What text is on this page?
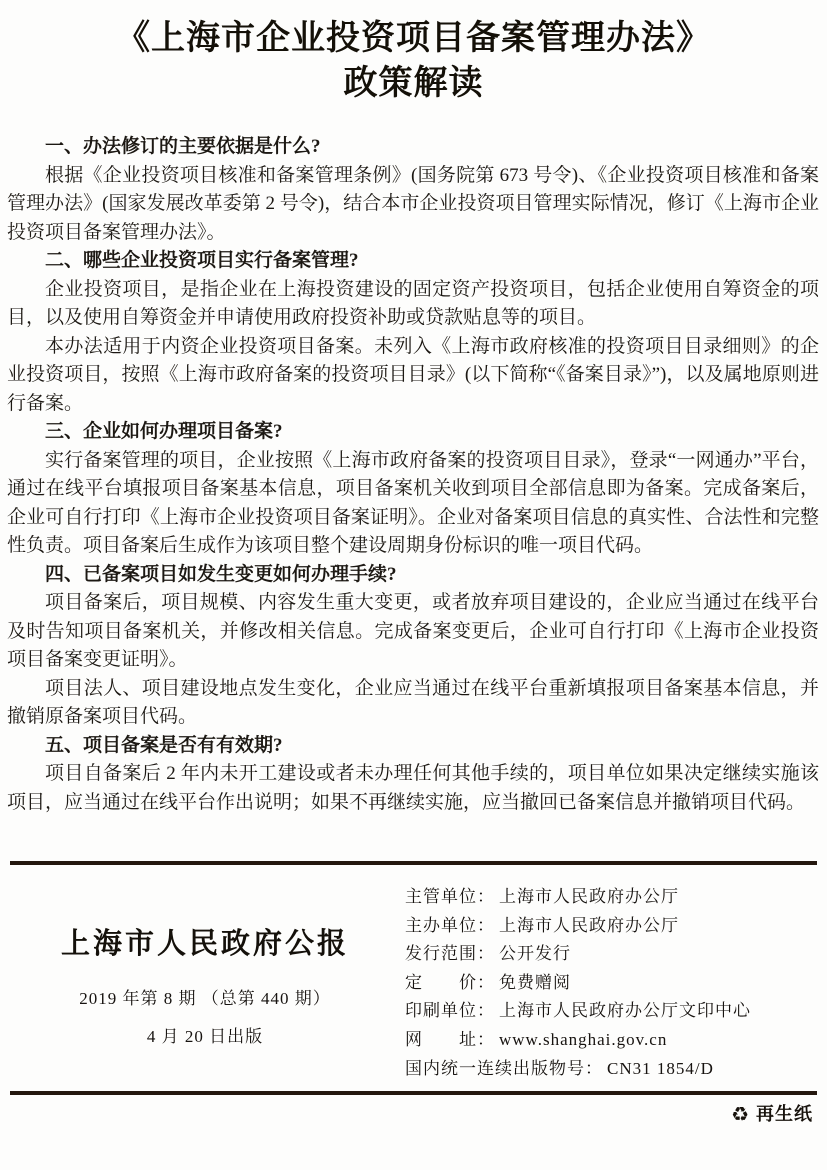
《上海市企业投资项目备案管理办法》
政策解读

一、办法修订的主要依据是什么?

根据《企业投资项目核准和备案管理条例》(国务院第 673 号令)、《企业投资项目核准和备案管理办法》(国家发展改革委第 2 号令)，结合本市企业投资项目管理实际情况，修订《上海市企业投资项目备案管理办法》。

二、哪些企业投资项目实行备案管理?

企业投资项目，是指企业在上海投资建设的固定资产投资项目，包括企业使用自筹资金的项目，以及使用自筹资金并申请使用政府投资补助或贷款贴息等的项目。

本办法适用于内资企业投资项目备案。未列入《上海市政府核准的投资项目目录细则》的企业投资项目，按照《上海市政府备案的投资项目目录》(以下简称“《备案目录》”)，以及属地原则进行备案。

三、企业如何办理项目备案?

实行备案管理的项目，企业按照《上海市政府备案的投资项目目录》，登录“一网通办”平台，通过在线平台填报项目备案基本信息，项目备案机关收到项目全部信息即为备案。完成备案后，企业可自行打印《上海市企业投资项目备案证明》。企业对备案项目信息的真实性、合法性和完整性负责。项目备案后生成作为该项目整个建设周期身份标识的唯一项目代码。

四、已备案项目如发生变更如何办理手续?

项目备案后，项目规模、内容发生重大变更，或者放弃项目建设的，企业应当通过在线平台及时告知项目备案机关，并修改相关信息。完成备案变更后，企业可自行打印《上海市企业投资项目备案变更证明》。

项目法人、项目建设地点发生变化，企业应当通过在线平台重新填报项目备案基本信息，并撤销原备案项目代码。

五、项目备案是否有有效期?

项目自备案后 2 年内未开工建设或者未办理任何其他手续的，项目单位如果决定继续实施该项目，应当通过在线平台作出说明；如果不再继续实施，应当撤回已备案信息并撤销项目代码。

上海市人民政府公报
2019 年第 8 期 （总第 440 期）
4 月 20 日出版
主管单位： 上海市人民政府办公厅
主办单位： 上海市人民政府办公厅
发行范围： 公开发行
定　　价： 免费赠阅
印刷单位： 上海市人民政府办公厅文印中心
网　　址： www.shanghai.gov.cn
国内统一连续出版物号： CN31 1854/D
♻ 再生纸
